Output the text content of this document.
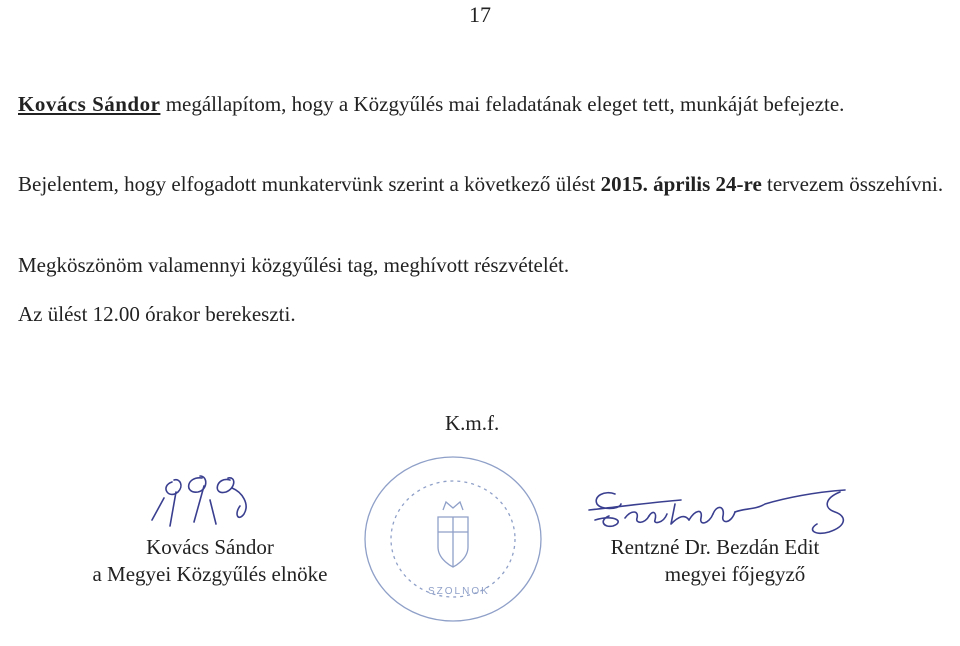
17

Kovács Sándor megállapítom, hogy a Közgyűlés mai feladatának eleget tett, munkáját befejezte.

Bejelentem, hogy elfogadott munkatervünk szerint a következő ülést 2015. április 24-re tervezem összehívni.

Megköszönöm valamennyi közgyűlési tag, meghívott részvételét.

Az ülést 12.00 órakor berekeszti.

K.m.f.
SZOLNOK
Kovács Sándor
a Megyei Közgyűlés elnöke
Rentzné Dr. Bezdán Edit
megyei főjegyző
